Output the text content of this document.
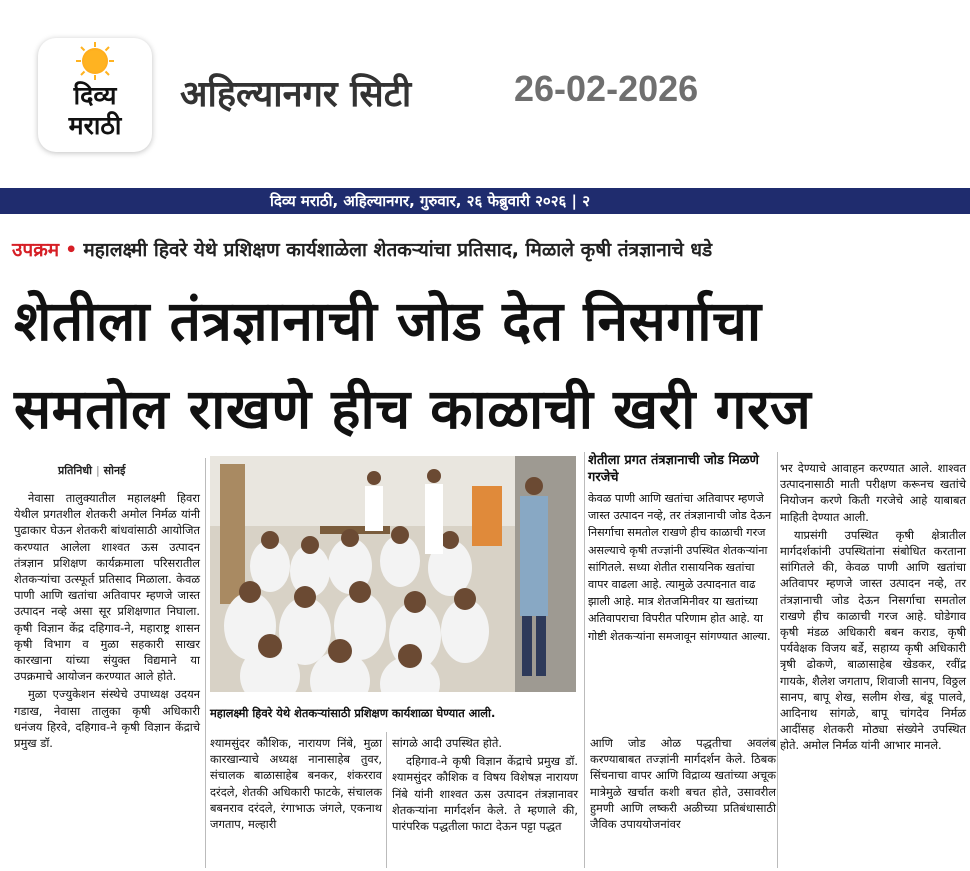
दिव्य
मराठी
अहिल्यानगर सिटी	26-02-2026
दिव्य मराठी, अहिल्यानगर, गुरुवार, २६ फेब्रुवारी २०२६ | २
उपक्रम • महालक्ष्मी हिवरे येथे प्रशिक्षण कार्यशाळेला शेतकऱ्यांचा प्रतिसाद, मिळाले कृषी तंत्रज्ञानाचे धडे
शेतीला तंत्रज्ञानाची जोड देत निसर्गाचा
समतोल राखणे हीच काळाची खरी गरज
प्रतिनिधी | सोनई

नेवासा तालुक्यातील महालक्ष्मी हिवरा येथील प्रगतशील शेतकरी अमोल निर्मळ यांनी पुढाकार घेऊन शेतकरी बांधवांसाठी आयोजित करण्यात आलेला शाश्वत ऊस उत्पादन तंत्रज्ञान प्रशिक्षण कार्यक्रमाला परिसरातील शेतकऱ्यांचा उत्स्फूर्त प्रतिसाद मिळाला. केवळ पाणी आणि खतांचा अतिवापर म्हणजे जास्त उत्पादन नव्हे असा सूर प्रशिक्षणात निघाला. कृषी विज्ञान केंद्र दहिगाव-ने, महाराष्ट्र शासन कृषी विभाग व मुळा सहकारी साखर कारखाना यांच्या संयुक्त विद्यमाने या उपक्रमाचे आयोजन करण्यात आले होते.

मुळा एज्युकेशन संस्थेचे उपाध्यक्ष उदयन गडाख, नेवासा तालुका कृषी अधिकारी धनंजय हिरवे, दहिगाव-ने कृषी विज्ञान केंद्राचे प्रमुख डॉ.

महालक्ष्मी हिवरे येथे शेतकऱ्यांसाठी प्रशिक्षण कार्यशाळा घेण्यात आली.

श्यामसुंदर कौशिक, नारायण निंबे, मुळा कारखान्याचे अध्यक्ष नानासाहेब तुवर, संचालक बाळासाहेब बनकर, शंकरराव दरंदले, शेतकी अधिकारी फाटके, संचालक बबनराव दरंदले, रंगाभाऊ जंगले, एकनाथ जगताप, मल्हारी

सांगळे आदी उपस्थित होते.

दहिगाव-ने कृषी विज्ञान केंद्राचे प्रमुख डॉ. श्यामसुंदर कौशिक व विषय विशेषज्ञ नारायण निंबे यांनी शाश्वत ऊस उत्पादन तंत्रज्ञानावर शेतकऱ्यांना मार्गदर्शन केले. ते म्हणाले की, पारंपरिक पद्धतीला फाटा देऊन पट्टा पद्धत

शेतीला प्रगत तंत्रज्ञानाची जोड मिळणे गरजेचे
केवळ पाणी आणि खतांचा अतिवापर म्हणजे जास्त उत्पादन नव्हे, तर तंत्रज्ञानाची जोड देऊन निसर्गाचा समतोल राखणे हीच काळाची गरज असल्याचे कृषी तज्ज्ञांनी उपस्थित शेतकऱ्यांना सांगितले. सध्या शेतीत रासायनिक खतांचा वापर वाढला आहे. त्यामुळे उत्पादनात वाढ झाली आहे. मात्र शेतजमिनीवर या खतांच्या अतिवापराचा विपरीत परिणाम होत आहे. या गोष्टी शेतकऱ्यांना समजावून सांगण्यात आल्या.

आणि जोड ओळ पद्धतीचा अवलंब करण्याबाबत तज्ज्ञांनी मार्गदर्शन केले. ठिबक सिंचनाचा वापर आणि विद्राव्य खतांच्या अचूक मात्रेमुळे खर्चात कशी बचत होते, उसावरील हुमणी आणि लष्करी अळीच्या प्रतिबंधासाठी जैविक उपाययोजनांवर

भर देण्याचे आवाहन करण्यात आले. शाश्वत उत्पादनासाठी माती परीक्षण करूनच खतांचे नियोजन करणे किती गरजेचे आहे याबाबत माहिती देण्यात आली.

याप्रसंगी उपस्थित कृषी क्षेत्रातील मार्गदर्शकांनी उपस्थितांना संबोधित करताना सांगितले की, केवळ पाणी आणि खतांचा अतिवापर म्हणजे जास्त उत्पादन नव्हे, तर तंत्रज्ञानाची जोड देऊन निसर्गाचा समतोल राखणे हीच काळाची गरज आहे. घोडेगाव कृषी मंडळ अधिकारी बबन कराड, कृषी पर्यवेक्षक विजय बर्डे, सहाय्य कृषी अधिकारी त्रृषी ढोकणे, बाळासाहेब खेडकर, रवींद्र गायके, शैलेश जगताप, शिवाजी सानप, विठ्ठल सानप, बापू शेख, सलीम शेख, बंडू पालवे, आदिनाथ सांगळे, बापू चांगदेव निर्मळ आदींसह शेतकरी मोठ्या संख्येने उपस्थित होते. अमोल निर्मळ यांनी आभार मानले.
